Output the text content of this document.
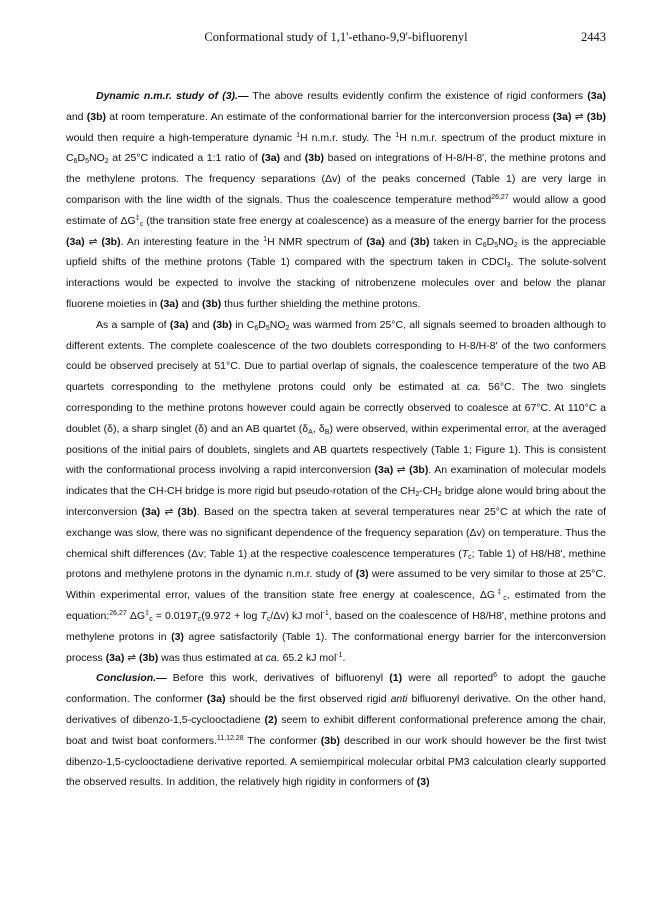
Conformational study of 1,1'-ethano-9,9'-bifluorenyl	2443

Dynamic n.m.r. study of (3).— The above results evidently confirm the existence of rigid conformers (3a) and (3b) at room temperature. An estimate of the conformational barrier for the interconversion process (3a) ⇌ (3b) would then require a high-temperature dynamic $^1$H n.m.r. study. The $^1$H n.m.r. spectrum of the product mixture in $C_6D_5NO_2$ at 25°C indicated a 1:1 ratio of (3a) and (3b) based on integrations of H-8/H-8', the methine protons and the methylene protons. The frequency separations (Δv) of the peaks concerned (Table 1) are very large in comparison with the line width of the signals. Thus the coalescence temperature method$^{26,27}$ would allow a good estimate of $\Delta G^\ddagger_c$ (the transition state free energy at coalescence) as a measure of the energy barrier for the process (3a) ⇌ (3b). An interesting feature in the $^1$H NMR spectrum of (3a) and (3b) taken in $C_6D_5NO_2$ is the appreciable upfield shifts of the methine protons (Table 1) compared with the spectrum taken in CDCl$_3$. The solute-solvent interactions would be expected to involve the stacking of nitrobenzene molecules over and below the planar fluorene moieties in (3a) and (3b) thus further shielding the methine protons.

As a sample of (3a) and (3b) in $C_6D_5NO_2$ was warmed from 25°C, all signals seemed to broaden although to different extents. The complete coalescence of the two doublets corresponding to H-8/H-8' of the two conformers could be observed precisely at 51°C. Due to partial overlap of signals, the coalescence temperature of the two AB quartets corresponding to the methylene protons could only be estimated at ca. 56°C. The two singlets corresponding to the methine protons however could again be correctly observed to coalesce at 67°C. At 110°C a doublet (δ), a sharp singlet (δ) and an AB quartet ($\delta_A$, $\delta_B$) were observed, within experimental error, at the averaged positions of the initial pairs of doublets, singlets and AB quartets respectively (Table 1; Figure 1). This is consistent with the conformational process involving a rapid interconversion (3a) ⇌ (3b). An examination of molecular models indicates that the CH-CH bridge is more rigid but pseudo-rotation of the $CH_2-CH_2$ bridge alone would bring about the interconversion (3a) ⇌ (3b). Based on the spectra taken at several temperatures near 25°C at which the rate of exchange was slow, there was no significant dependence of the frequency separation (Δv) on temperature. Thus the chemical shift differences (Δv; Table 1) at the respective coalescence temperatures ($T_c$; Table 1) of H8/H8', methine protons and methylene protons in the dynamic n.m.r. study of (3) were assumed to be very similar to those at 25°C. Within experimental error, values of the transition state free energy at coalescence, $\Delta G^\ddagger_c$, estimated from the equation:$^{26,27}$ $\Delta G^\ddagger_c = 0.019T_c(9.972 + \log T_c/\Delta v)$ kJ mol$^{-1}$, based on the coalescence of H8/H8', methine protons and methylene protons in (3) agree satisfactorily (Table 1). The conformational energy barrier for the interconversion process (3a) ⇌ (3b) was thus estimated at ca. 65.2 kJ mol$^{-1}$.

Conclusion.— Before this work, derivatives of bifluorenyl (1) were all reported$^6$ to adopt the gauche conformation. The conformer (3a) should be the first observed rigid anti bifluorenyl derivative. On the other hand, derivatives of dibenzo-1,5-cyclooctadiene (2) seem to exhibit different conformational preference among the chair, boat and twist boat conformers.$^{11,12,28}$ The conformer (3b) described in our work should however be the first twist dibenzo-1,5-cyclooctadiene derivative reported. A semiempirical molecular orbital PM3 calculation clearly supported the observed results. In addition, the relatively high rigidity in conformers of (3)
